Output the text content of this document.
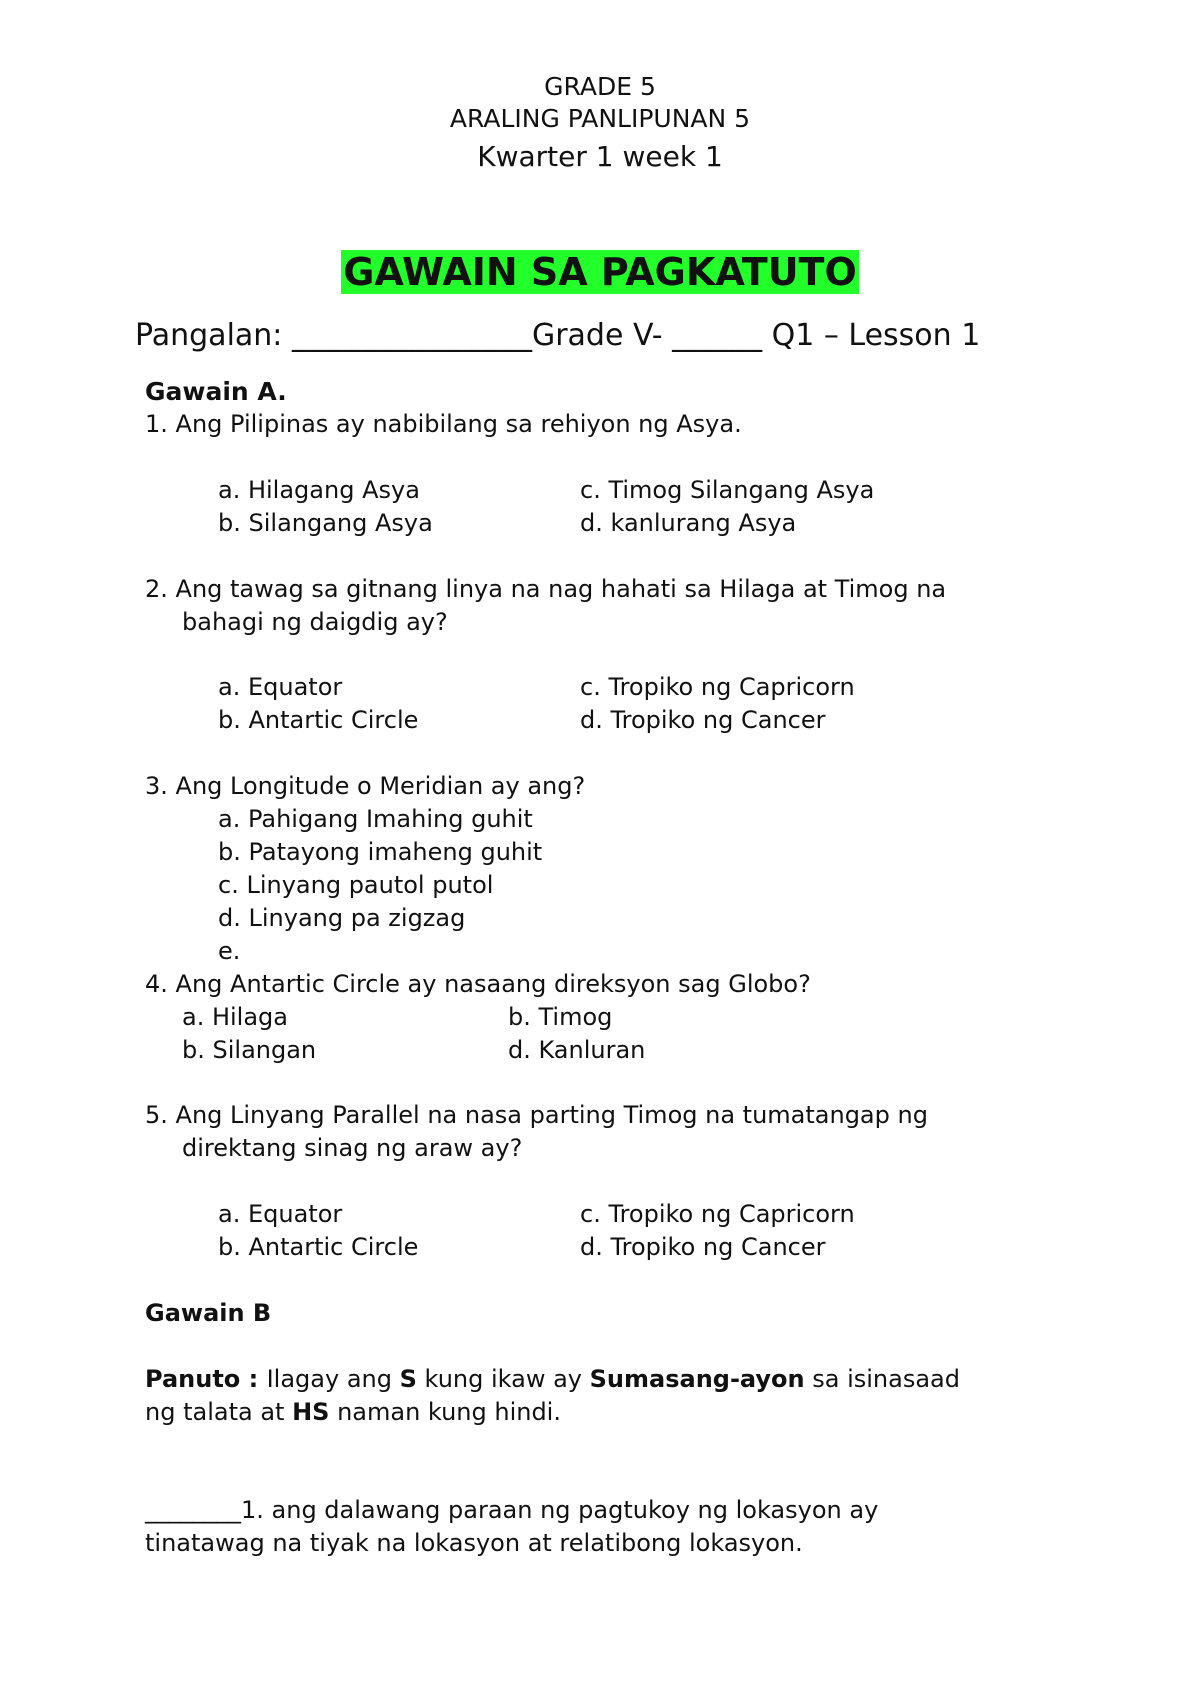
GRADE 5
ARALING PANLIPUNAN 5
Kwarter 1 week 1
GAWAIN SA PAGKATUTO
Pangalan: ________________Grade V- ______ Q1 – Lesson 1
Gawain A.
1. Ang Pilipinas ay nabibilang sa rehiyon ng Asya.
a. Hilagang Asya	c. Timog Silangang Asya
b. Silangang Asya	d. kanlurang Asya
2. Ang tawag sa gitnang linya na nag hahati sa Hilaga at Timog na
bahagi ng daigdig ay?
a. Equator	c. Tropiko ng Capricorn
b. Antartic Circle	d. Tropiko ng Cancer
3. Ang Longitude o Meridian ay ang?
a. Pahigang Imahing guhit
b. Patayong imaheng guhit
c. Linyang pautol putol
d. Linyang pa zigzag
e.
4. Ang Antartic Circle ay nasaang direksyon sag Globo?
a. Hilaga	b. Timog
b. Silangan	d. Kanluran
5. Ang Linyang Parallel na nasa parting Timog na tumatangap ng
direktang sinag ng araw ay?
a. Equator	c. Tropiko ng Capricorn
b. Antartic Circle	d. Tropiko ng Cancer
Gawain B
Panuto : Ilagay ang S kung ikaw ay Sumasang-ayon sa isinasaad
ng talata at HS naman kung hindi.
________1. ang dalawang paraan ng pagtukoy ng lokasyon ay
tinatawag na tiyak na lokasyon at relatibong lokasyon.
